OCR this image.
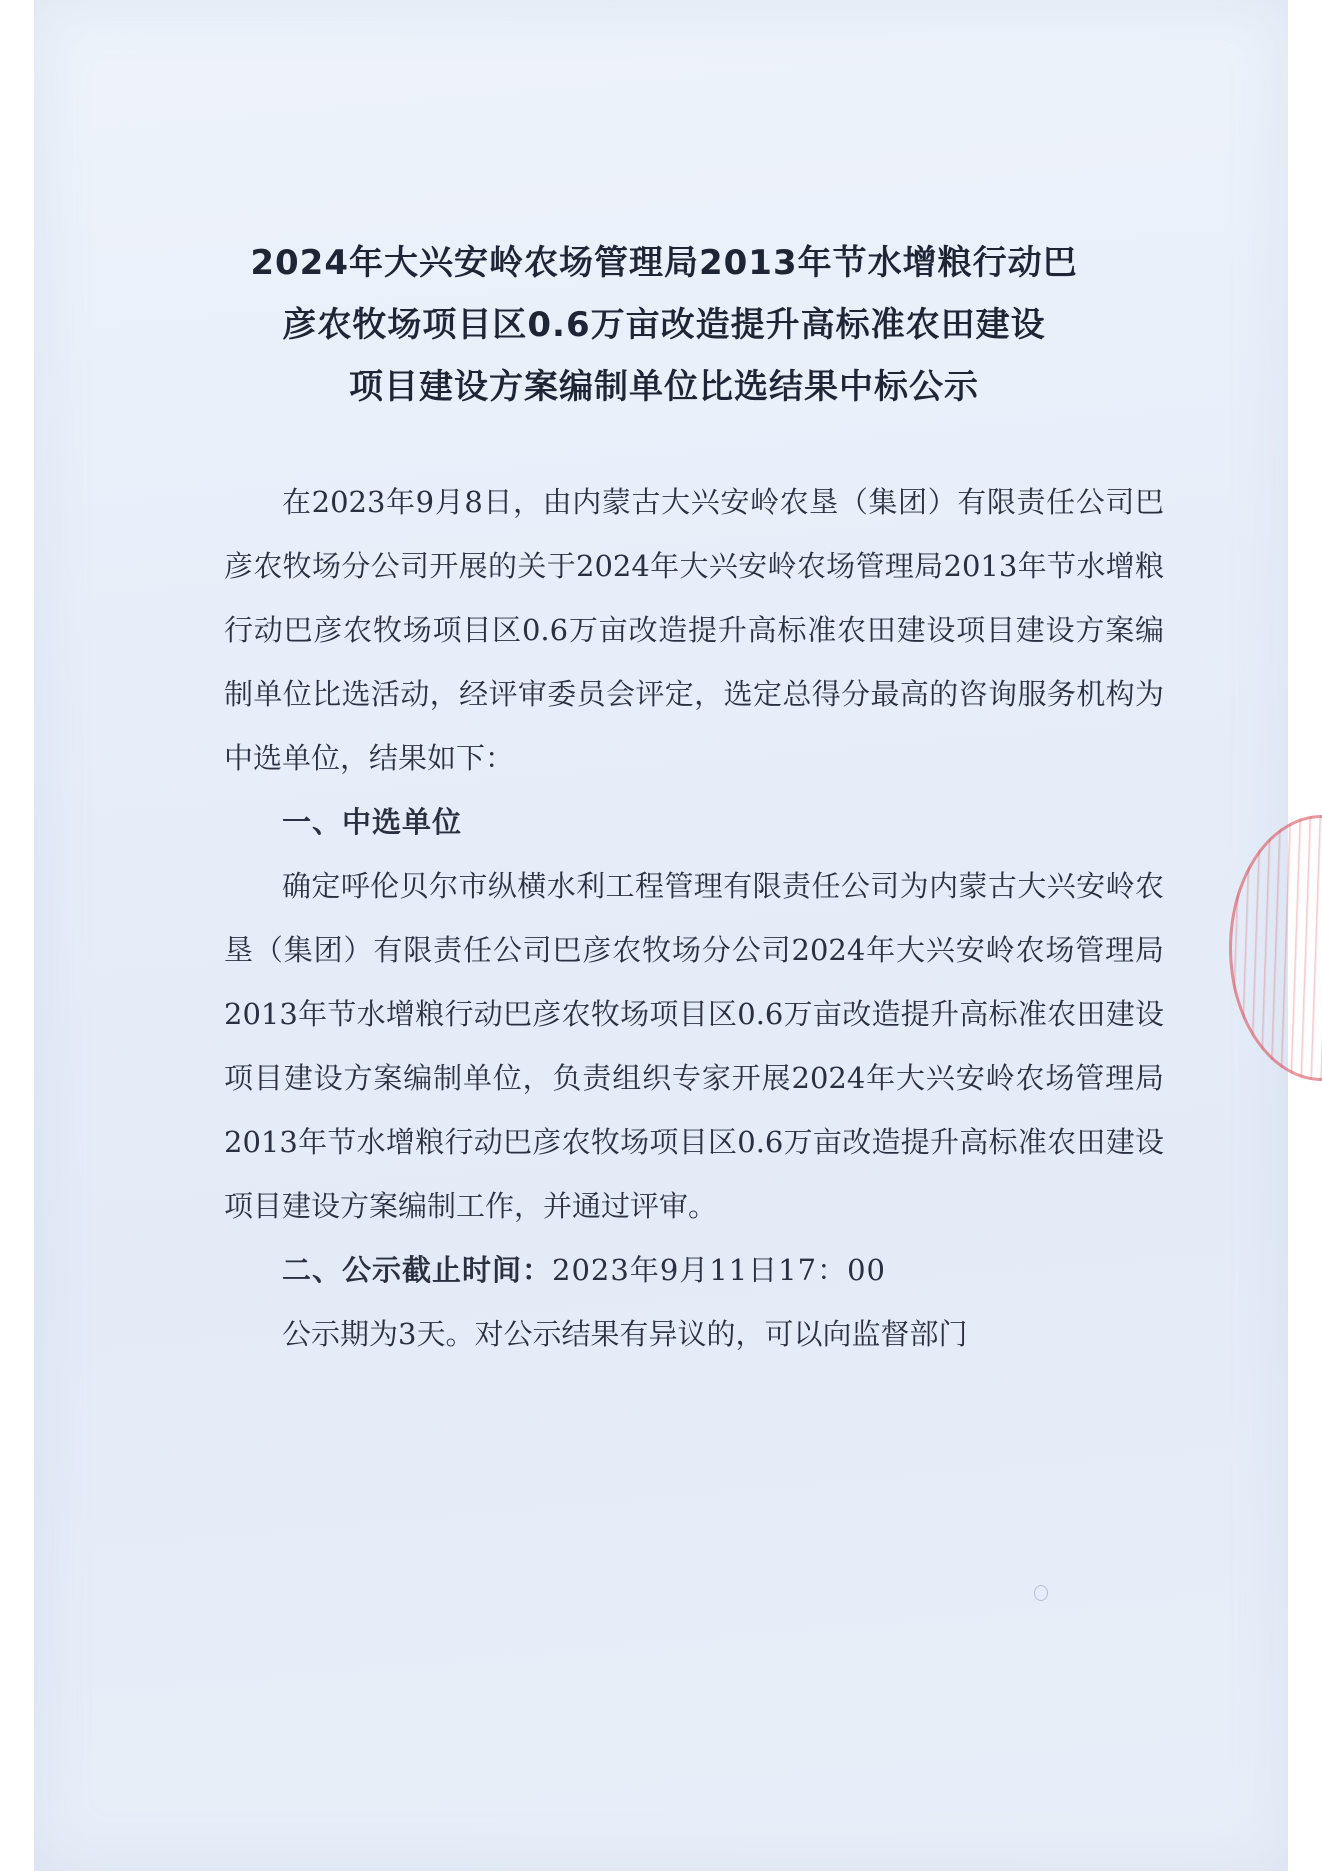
2024年大兴安岭农场管理局2013年节水增粮行动巴
彦农牧场项目区0.6万亩改造提升高标准农田建设
项目建设方案编制单位比选结果中标公示

在2023年9月8日，由内蒙古大兴安岭农垦（集团）有限责任公司巴彦农牧场分公司开展的关于2024年大兴安岭农场管理局2013年节水增粮行动巴彦农牧场项目区0.6万亩改造提升高标准农田建设项目建设方案编制单位比选活动，经评审委员会评定，选定总得分最高的咨询服务机构为中选单位，结果如下：

一、中选单位

确定呼伦贝尔市纵横水利工程管理有限责任公司为内蒙古大兴安岭农垦（集团）有限责任公司巴彦农牧场分公司2024年大兴安岭农场管理局2013年节水增粮行动巴彦农牧场项目区0.6万亩改造提升高标准农田建设项目建设方案编制单位，负责组织专家开展2024年大兴安岭农场管理局2013年节水增粮行动巴彦农牧场项目区0.6万亩改造提升高标准农田建设项目建设方案编制工作，并通过评审。

二、公示截止时间：2023年9月11日17：00

公示期为3天。对公示结果有异议的，可以向监督部门
